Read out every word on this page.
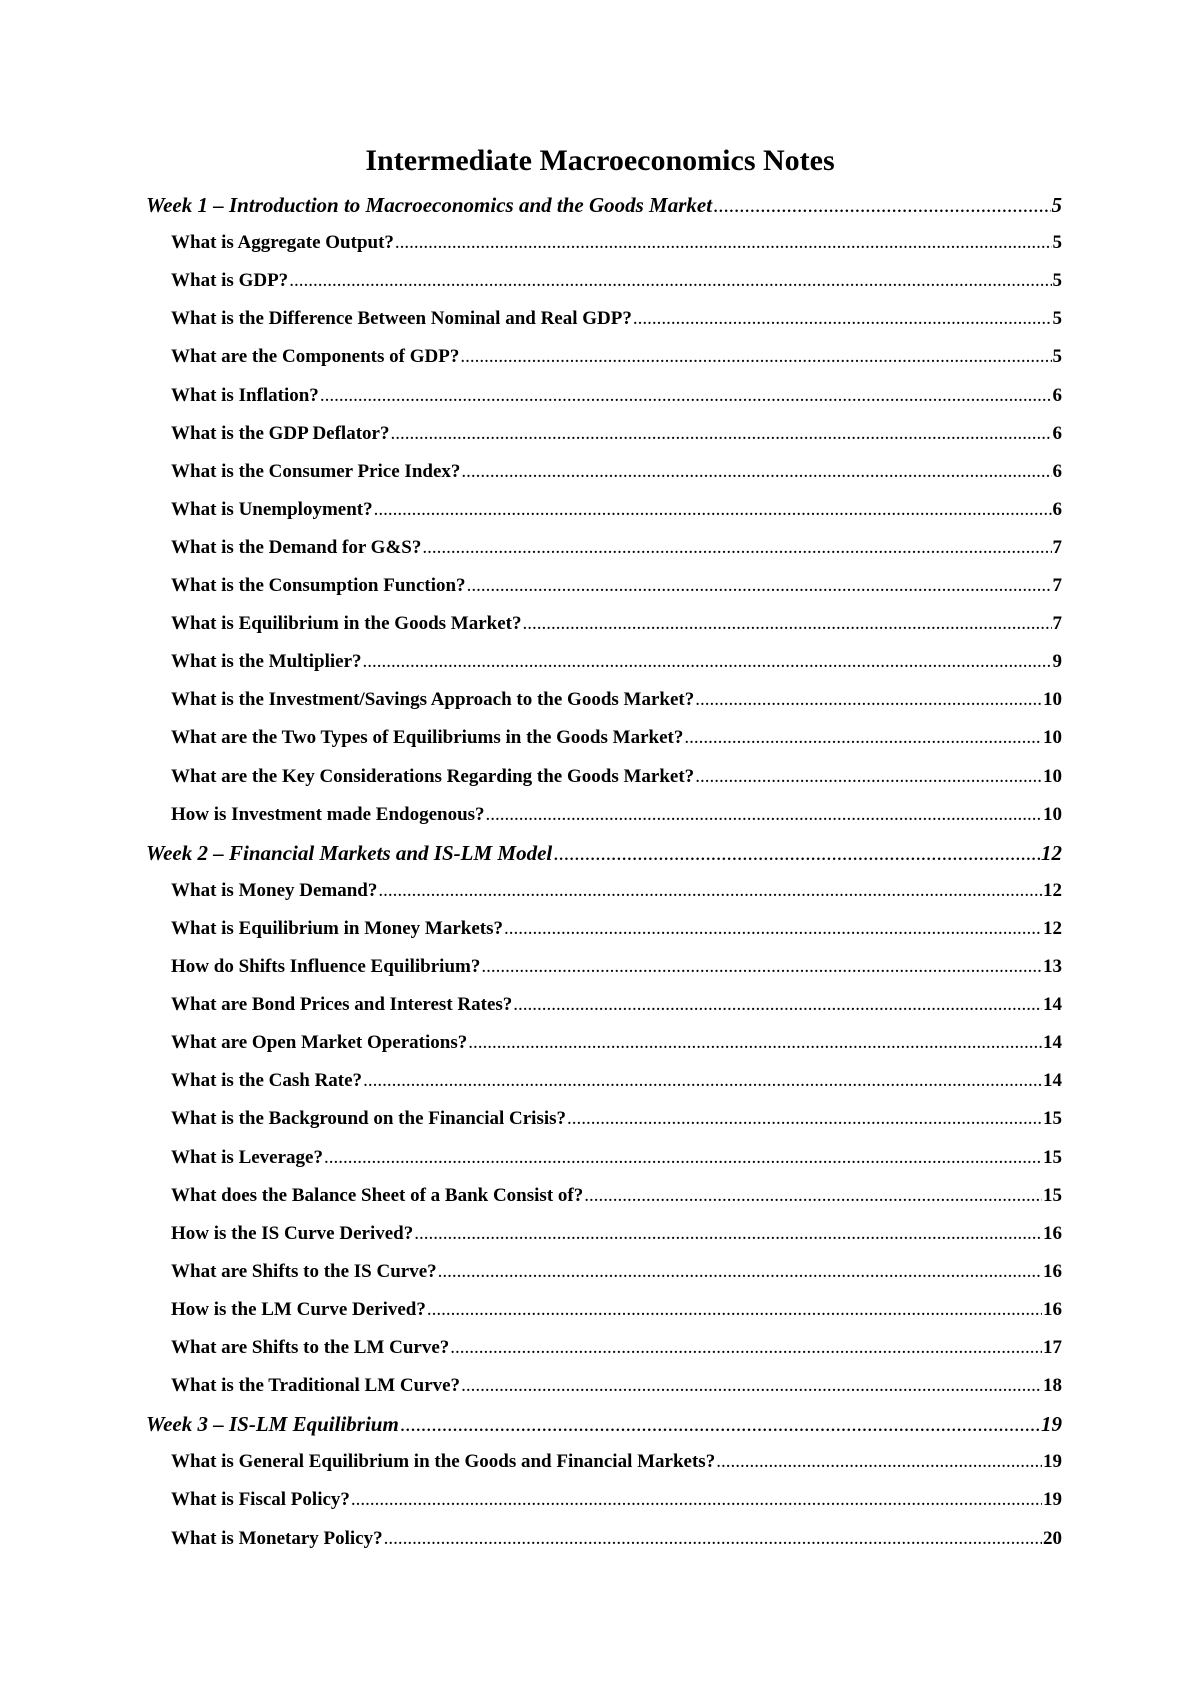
Intermediate Macroeconomics Notes
Week 1 – Introduction to Macroeconomics and the Goods Market .....	5
What is Aggregate Output? .....	5
What is GDP? .....	5
What is the Difference Between Nominal and Real GDP? .....	5
What are the Components of GDP? .....	5
What is Inflation? .....	6
What is the GDP Deflator? .....	6
What is the Consumer Price Index? .....	6
What is Unemployment? .....	6
What is the Demand for G&S? .....	7
What is the Consumption Function? .....	7
What is Equilibrium in the Goods Market? .....	7
What is the Multiplier? .....	9
What is the Investment/Savings Approach to the Goods Market? .....	10
What are the Two Types of Equilibriums in the Goods Market? .....	10
What are the Key Considerations Regarding the Goods Market? .....	10
How is Investment made Endogenous? .....	10
Week 2 – Financial Markets and IS-LM Model .....	12
What is Money Demand? .....	12
What is Equilibrium in Money Markets? .....	12
How do Shifts Influence Equilibrium? .....	13
What are Bond Prices and Interest Rates? .....	14
What are Open Market Operations? .....	14
What is the Cash Rate? .....	14
What is the Background on the Financial Crisis? .....	15
What is Leverage? .....	15
What does the Balance Sheet of a Bank Consist of? .....	15
How is the IS Curve Derived? .....	16
What are Shifts to the IS Curve? .....	16
How is the LM Curve Derived? .....	16
What are Shifts to the LM Curve? .....	17
What is the Traditional LM Curve? .....	18
Week 3 – IS-LM Equilibrium .....	19
What is General Equilibrium in the Goods and Financial Markets? .....	19
What is Fiscal Policy? .....	19
What is Monetary Policy? .....	20
